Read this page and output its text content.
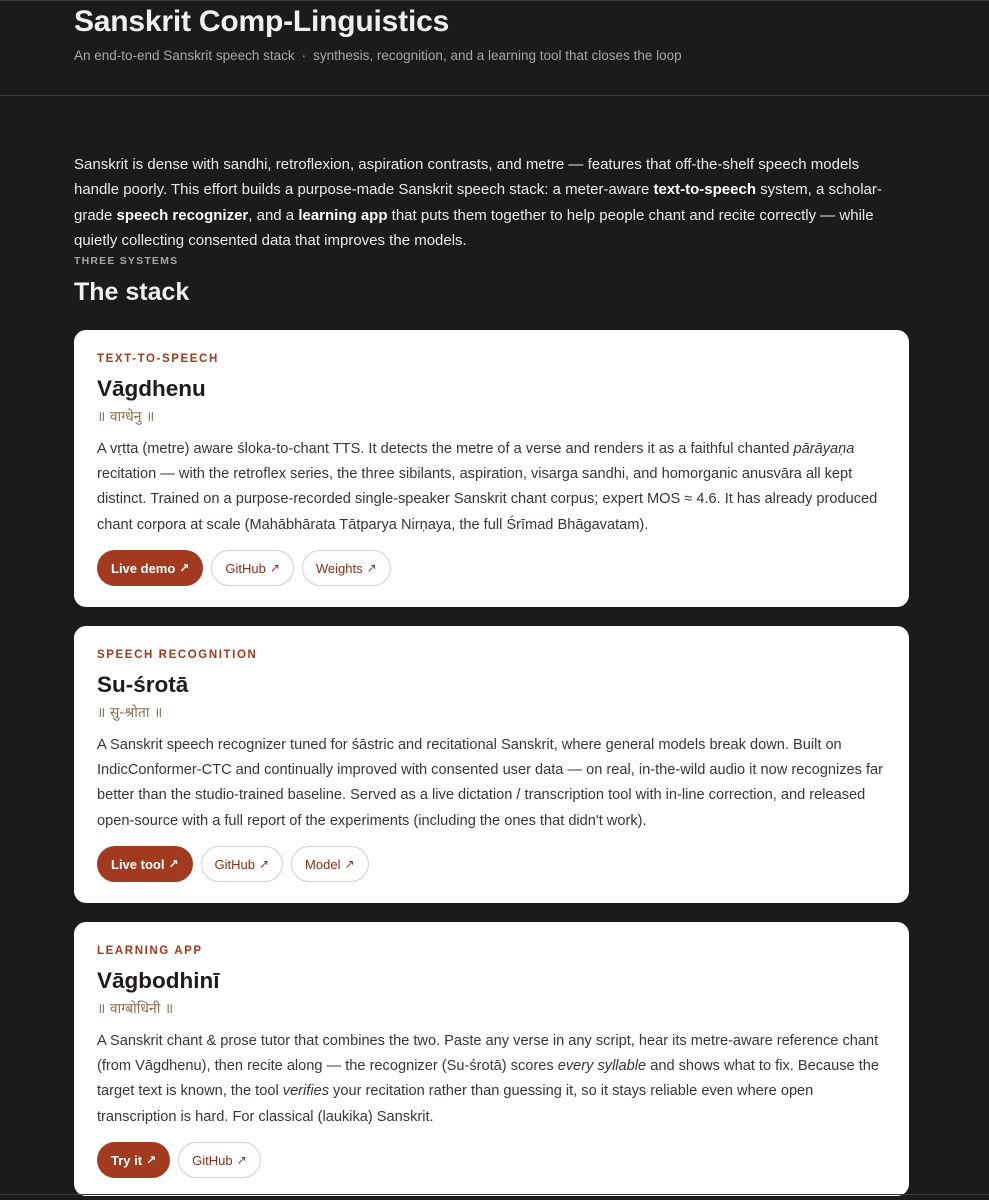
Sanskrit Comp-Linguistics
An end-to-end Sanskrit speech stack · synthesis, recognition, and a learning tool that closes the loop

Sanskrit is dense with sandhi, retroflexion, aspiration contrasts, and metre — features that off-the-shelf speech models handle poorly. This effort builds a purpose-made Sanskrit speech stack: a meter-aware text-to-speech system, a scholar-grade speech recognizer, and a learning app that puts them together to help people chant and recite correctly — while quietly collecting consented data that improves the models.

THREE SYSTEMS
The stack
TEXT-TO-SPEECH
Vāgdhenu
॥ वाग्धेनु ॥

A vṛtta (metre) aware śloka-to-chant TTS. It detects the metre of a verse and renders it as a faithful chanted pārāyaṇa recitation — with the retroflex series, the three sibilants, aspiration, visarga sandhi, and homorganic anusvāra all kept distinct. Trained on a purpose-recorded single-speaker Sanskrit chant corpus; expert MOS ≈ 4.6. It has already produced chant corpora at scale (Mahābhārata Tātparya Nirṇaya, the full Śrīmad Bhāgavatam).

Live demo ↗	GitHub ↗	Weights ↗
SPEECH RECOGNITION
Su-śrotā
॥ सु-श्रोता ॥

A Sanskrit speech recognizer tuned for śāstric and recitational Sanskrit, where general models break down. Built on IndicConformer-CTC and continually improved with consented user data — on real, in-the-wild audio it now recognizes far better than the studio-trained baseline. Served as a live dictation / transcription tool with in-line correction, and released open-source with a full report of the experiments (including the ones that didn't work).

Live tool ↗	GitHub ↗	Model ↗
LEARNING APP
Vāgbodhinī
॥ वाग्बोधिनी ॥

A Sanskrit chant & prose tutor that combines the two. Paste any verse in any script, hear its metre-aware reference chant (from Vāgdhenu), then recite along — the recognizer (Su-śrotā) scores every syllable and shows what to fix. Because the target text is known, the tool verifies your recitation rather than guessing it, so it stays reliable even where open transcription is hard. For classical (laukika) Sanskrit.

Try it ↗	GitHub ↗
